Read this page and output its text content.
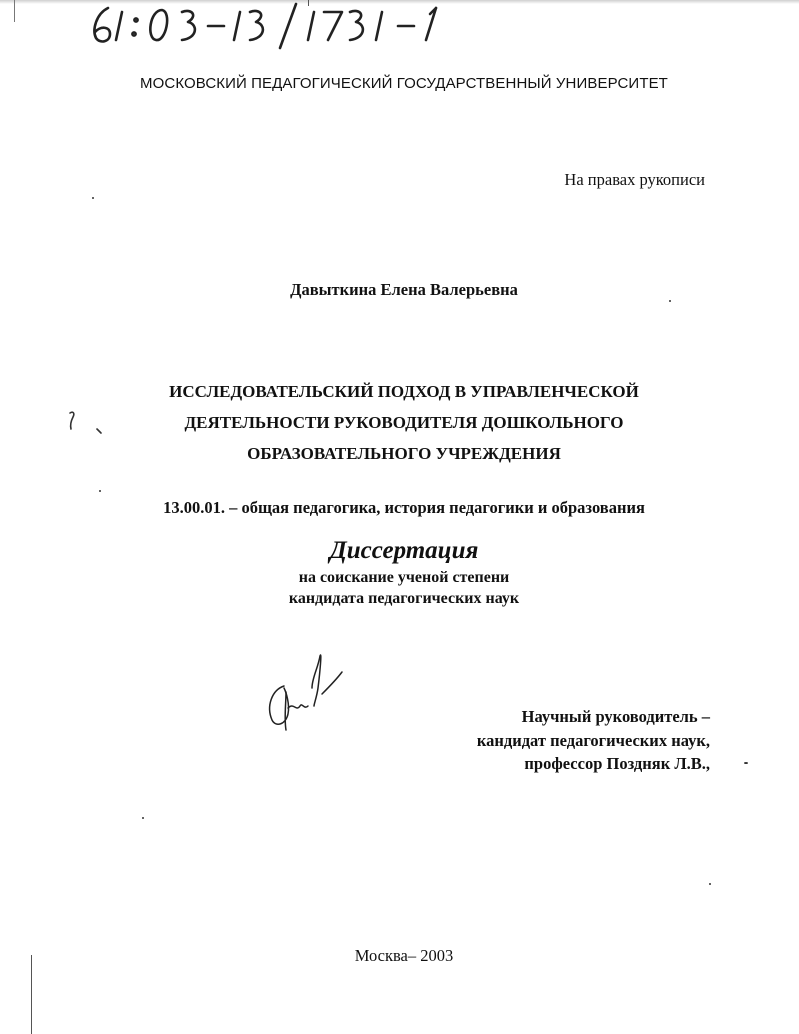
МОСКОВСКИЙ ПЕДАГОГИЧЕСКИЙ ГОСУДАРСТВЕННЫЙ УНИВЕРСИТЕТ
На правах рукописи
Давыткина Елена Валерьевна
ИССЛЕДОВАТЕЛЬСКИЙ ПОДХОД В УПРАВЛЕНЧЕСКОЙ
ДЕЯТЕЛЬНОСТИ РУКОВОДИТЕЛЯ ДОШКОЛЬНОГО
ОБРАЗОВАТЕЛЬНОГО УЧРЕЖДЕНИЯ
13.00.01. – общая педагогика, история педагогики и образования
Диссертация
на соискание ученой степени
кандидата педагогических наук
Научный руководитель –
кандидат педагогических наук,
профессор Поздняк Л.В.,
Москва– 2003
